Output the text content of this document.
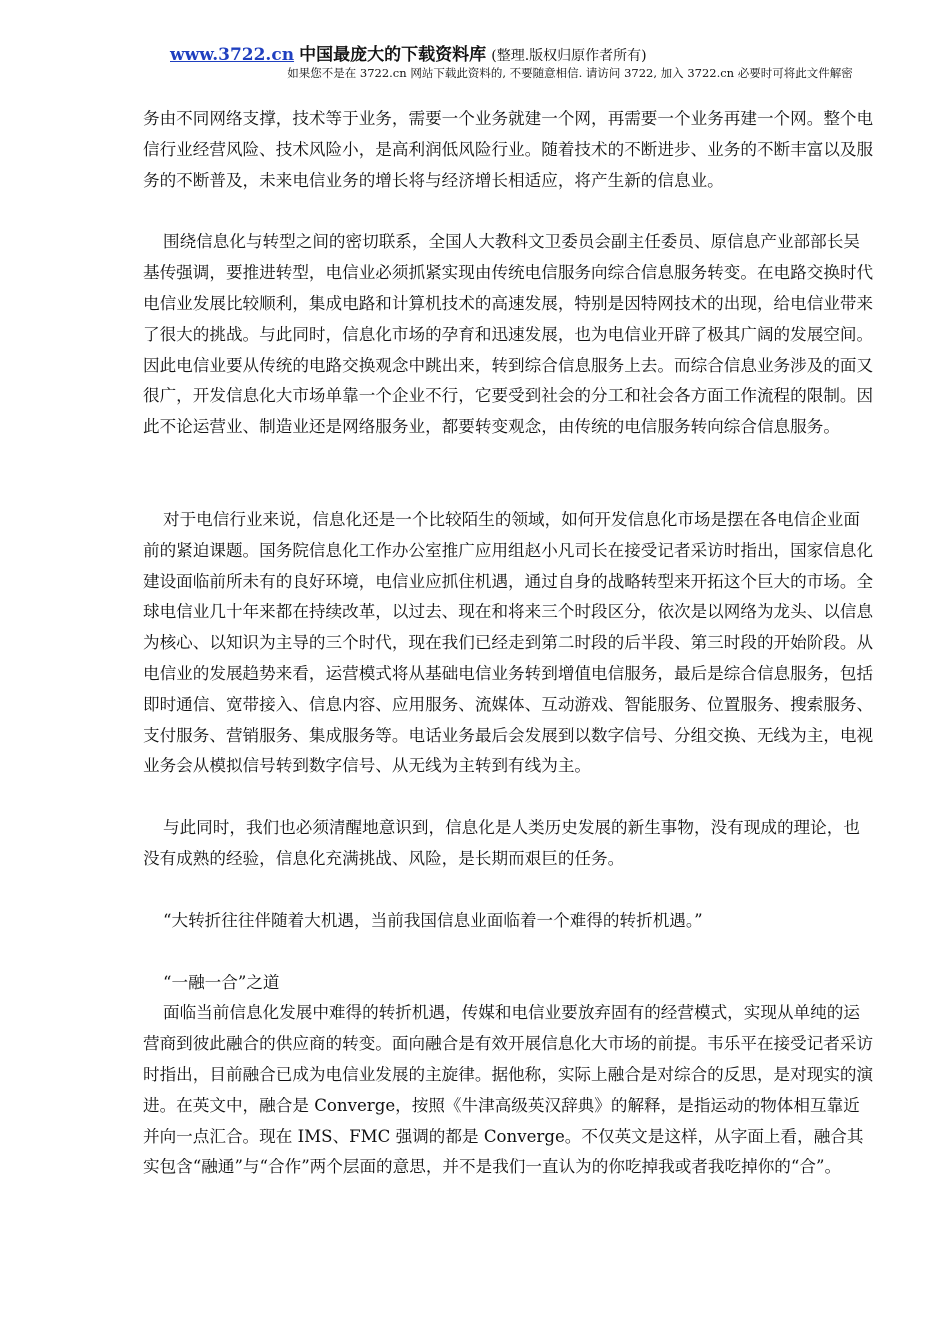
www.3722.cn 中国最庞大的下载资料库 (整理.版权归原作者所有)
如果您不是在 3722.cn 网站下载此资料的, 不要随意相信. 请访问 3722, 加入 3722.cn 必要时可将此文件解密

务由不同网络支撑，技术等于业务，需要一个业务就建一个网，再需要一个业务再建一个网。整个电信行业经营风险、技术风险小，是高利润低风险行业。随着技术的不断进步、业务的不断丰富以及服务的不断普及，未来电信业务的增长将与经济增长相适应，将产生新的信息业。

围绕信息化与转型之间的密切联系，全国人大教科文卫委员会副主任委员、原信息产业部部长吴基传强调，要推进转型，电信业必须抓紧实现由传统电信服务向综合信息服务转变。在电路交换时代电信业发展比较顺利，集成电路和计算机技术的高速发展，特别是因特网技术的出现，给电信业带来了很大的挑战。与此同时，信息化市场的孕育和迅速发展，也为电信业开辟了极其广阔的发展空间。因此电信业要从传统的电路交换观念中跳出来，转到综合信息服务上去。而综合信息业务涉及的面又很广，开发信息化大市场单靠一个企业不行，它要受到社会的分工和社会各方面工作流程的限制。因此不论运营业、制造业还是网络服务业，都要转变观念，由传统的电信服务转向综合信息服务。

对于电信行业来说，信息化还是一个比较陌生的领域，如何开发信息化市场是摆在各电信企业面前的紧迫课题。国务院信息化工作办公室推广应用组赵小凡司长在接受记者采访时指出，国家信息化建设面临前所未有的良好环境，电信业应抓住机遇，通过自身的战略转型来开拓这个巨大的市场。全球电信业几十年来都在持续改革，以过去、现在和将来三个时段区分，依次是以网络为龙头、以信息为核心、以知识为主导的三个时代，现在我们已经走到第二时段的后半段、第三时段的开始阶段。从电信业的发展趋势来看，运营模式将从基础电信业务转到增值电信服务，最后是综合信息服务，包括即时通信、宽带接入、信息内容、应用服务、流媒体、互动游戏、智能服务、位置服务、搜索服务、支付服务、营销服务、集成服务等。电话业务最后会发展到以数字信号、分组交换、无线为主，电视业务会从模拟信号转到数字信号、从无线为主转到有线为主。

与此同时，我们也必须清醒地意识到，信息化是人类历史发展的新生事物，没有现成的理论，也没有成熟的经验，信息化充满挑战、风险，是长期而艰巨的任务。

“大转折往往伴随着大机遇，当前我国信息业面临着一个难得的转折机遇。”

“一融一合”之道

面临当前信息化发展中难得的转折机遇，传媒和电信业要放弃固有的经营模式，实现从单纯的运营商到彼此融合的供应商的转变。面向融合是有效开展信息化大市场的前提。韦乐平在接受记者采访时指出，目前融合已成为电信业发展的主旋律。据他称，实际上融合是对综合的反思，是对现实的演进。在英文中，融合是 Converge，按照《牛津高级英汉辞典》的解释，是指运动的物体相互靠近并向一点汇合。现在 IMS、FMC 强调的都是 Converge。不仅英文是这样，从字面上看，融合其实包含“融通”与“合作”两个层面的意思，并不是我们一直认为的你吃掉我或者我吃掉你的“合”。
